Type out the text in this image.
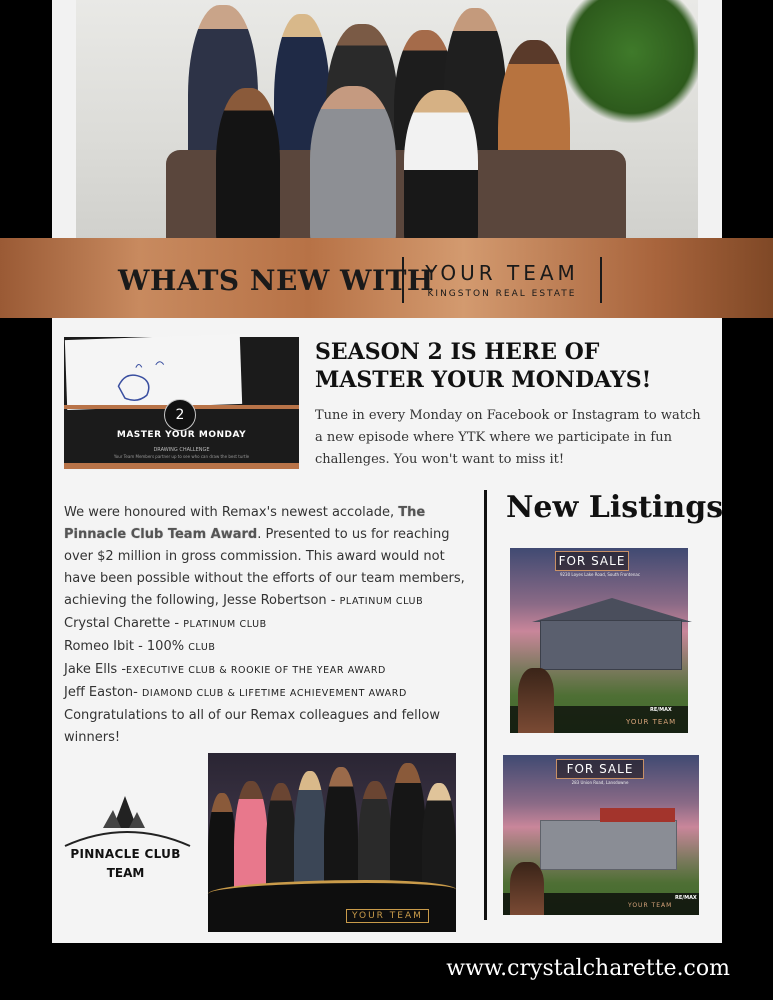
WHATS NEW WITH
YOUR TEAM
KINGSTON REAL ESTATE
2
MASTER YOUR MONDAY
DRAWING CHALLENGE
Your Team Members partner up to see who can draw the best turtle
SEASON 2 IS HERE OF MASTER YOUR MONDAYS!
Tune in every Monday on Facebook or Instagram to watch a new episode where YTK where we participate in fun challenges. You won't want to miss it!
We were honoured with Remax's newest accolade, The Pinnacle Club Team Award. Presented to us for reaching over $2 million in gross commission. This award would not have been possible without the efforts of our team members, achieving the following, Jesse Robertson - PLATINUM CLUB
Crystal Charette - PLATINUM CLUB
Romeo Ibit - 100% CLUB
Jake Ells -EXECUTIVE CLUB & ROOKIE OF THE YEAR AWARD
Jeff Easton- DIAMOND CLUB & LIFETIME ACHIEVEMENT AWARD
Congratulations to all of our Remax colleagues and fellow winners!
New Listings
FOR SALE
9230 Loyes Lake Road, South Frontenac
YOUR TEAM
RE/MAX
FOR SALE
283 Union Road, Lansdowne
YOUR TEAM
RE/MAX
PINNACLE CLUB
TEAM
YOUR TEAM
www.crystalcharette.com
